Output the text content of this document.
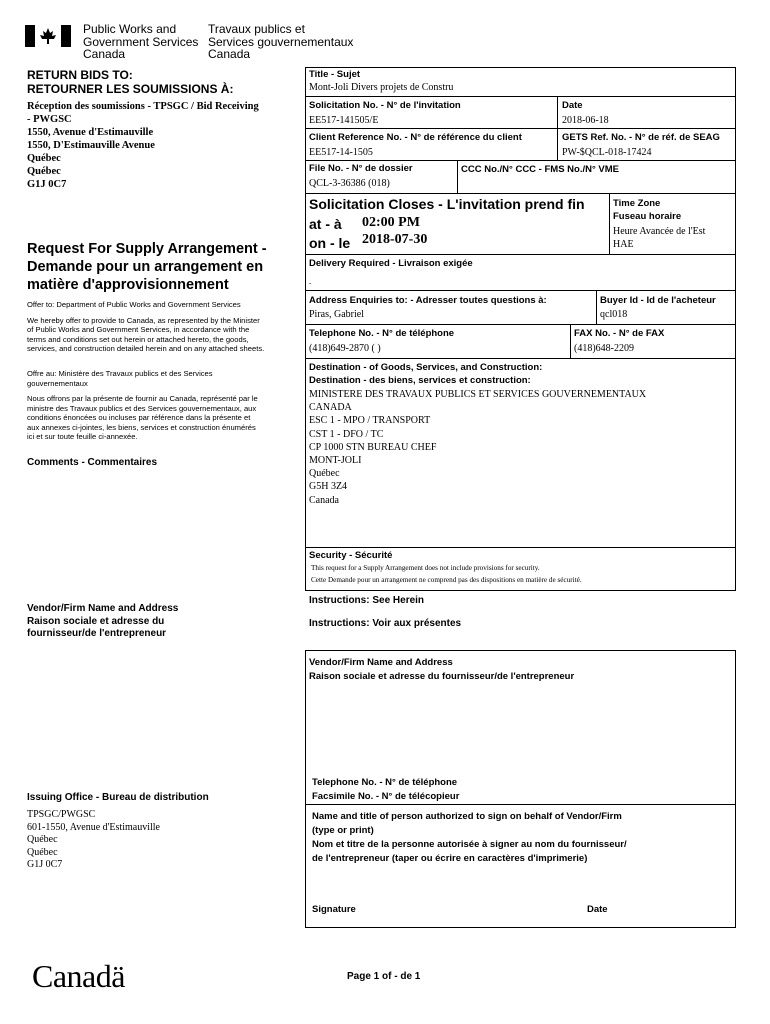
Public Works and
Government Services
Canada
Travaux publics et
Services gouvernementaux
Canada
RETURN BIDS TO:
RETOURNER LES SOUMISSIONS À:
Réception des soumissions - TPSGC / Bid Receiving
- PWGSC
1550, Avenue d'Estimauville
1550, D'Estimauville Avenue
Québec
Québec
G1J 0C7
Request For Supply Arrangement -
Demande pour un arrangement en
matière d'approvisionnement
Offer to: Department of Public Works and Government Services
We hereby offer to provide to Canada, as represented by the Minister
of Public Works and Government Services, in accordance with the
terms and conditions set out herein or attached hereto, the goods,
services, and construction detailed herein and on any attached sheets.
Offre au: Ministère des Travaux publics et des Services
gouvernementaux
Nous offrons par la présente de fournir au Canada, représenté par le
ministre des Travaux publics et des Services gouvernementaux, aux
conditions énoncées ou incluses par référence dans la présente et
aux annexes ci-jointes, les biens, services et construction énumérés
ici et sur toute feuille ci-annexée.
Comments - Commentaires
Vendor/Firm Name and Address
Raison sociale et adresse du
fournisseur/de l'entrepreneur
Issuing Office - Bureau de distribution
TPSGC/PWGSC
601-1550, Avenue d'Estimauville
Québec
Québec
G1J 0C7
Title - Sujet
Mont-Joli Divers projets de Constru
Solicitation No. - N° de l'invitation
EE517-141505/E
Date
2018-06-18
Client Reference No. - N° de référence du client
EE517-14-1505
GETS Ref. No. - N° de réf. de SEAG
PW-$QCL-018-17424
File No. - N° de dossier
QCL-3-36386 (018)
CCC No./N° CCC - FMS No./N° VME
Solicitation Closes - L'invitation prend fin
at - à 02:00 PM
on - le 2018-07-30
Time Zone
Fuseau horaire
Heure Avancée de l'Est
HAE
Delivery Required - Livraison exigée
-
Address Enquiries to: - Adresser toutes questions à:
Piras, Gabriel
Buyer Id - Id de l'acheteur
qcl018
Telephone No. - N° de téléphone
(418)649-2870 ( )
FAX No. - N° de FAX
(418)648-2209
Destination - of Goods, Services, and Construction:
Destination - des biens, services et construction:
MINISTERE DES TRAVAUX PUBLICS ET SERVICES GOUVERNEMENTAUX
CANADA
ESC 1 - MPO / TRANSPORT
CST 1 - DFO / TC
CP 1000 STN BUREAU CHEF
MONT-JOLI
Québec
G5H 3Z4
Canada
Security - Sécurité
This request for a Supply Arrangement does not include provisions for security.
Cette Demande pour un arrangement ne comprend pas des dispositions en matière de sécurité.
Instructions: See Herein
Instructions: Voir aux présentes
Vendor/Firm Name and Address
Raison sociale et adresse du fournisseur/de l'entrepreneur
Telephone No. - N° de téléphone
Facsimile No. - N° de télécopieur
Name and title of person authorized to sign on behalf of Vendor/Firm
(type or print)
Nom et titre de la personne autorisée à signer au nom du fournisseur/
de l'entrepreneur (taper ou écrire en caractères d'imprimerie)
Signature	Date
Canadä	Page 1 of - de 1
